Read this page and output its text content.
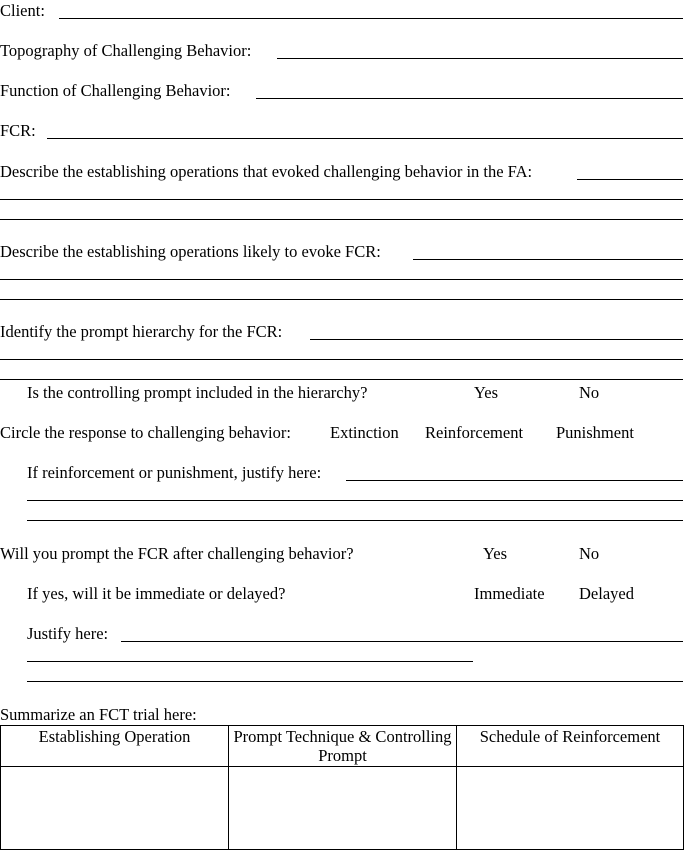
Client:
Topography of Challenging Behavior:
Function of Challenging Behavior:
FCR:
Describe the establishing operations that evoked challenging behavior in the FA:
Describe the establishing operations likely to evoke FCR:
Identify the prompt hierarchy for the FCR:
Is the controlling prompt included in the hierarchy?	Yes	No
Circle the response to challenging behavior: Extinction Reinforcement Punishment
If reinforcement or punishment, justify here:
Will you prompt the FCR after challenging behavior?	Yes	No
If yes, will it be immediate or delayed?	Immediate Delayed
Justify here:
Summarize an FCT trial here:
Establishing Operation	Prompt Technique & Controlling Prompt	Schedule of Reinforcement
